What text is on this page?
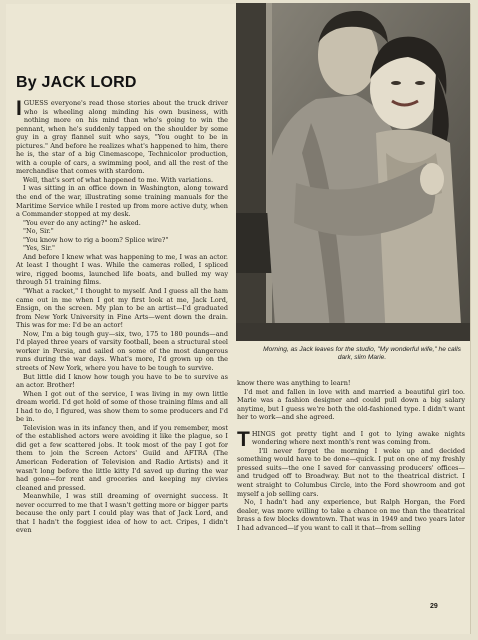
By JACK LORD
Morning, as Jack leaves for the studio, "My wonderful wife," he calls dark, slim Marie.

IGUESS everyone's read those stories about the truck driver who is wheeling along minding his own business, with nothing more on his mind than who's going to win the pennant, when he's suddenly tapped on the shoulder by some guy in a gray flannel suit who says, "You ought to be in pictures." And before he realizes what's happened to him, there he is, the star of a big Cinemascope, Technicolor production, with a couple of cars, a swimming pool, and all the rest of the merchandise that comes with stardom.

Well, that's sort of what happened to me. With variations.

I was sitting in an office down in Washington, along toward the end of the war, illustrating some training manuals for the Maritime Service while I rested up from more active duty, when a Commander stopped at my desk.

"You ever do any acting?" he asked.

"No, Sir."

"You know how to rig a boom? Splice wire?"

"Yes, Sir."

And before I knew what was happening to me, I was an actor. At least I thought I was. While the cameras rolled, I spliced wire, rigged booms, launched life boats, and bulled my way through 51 training films.

"What a racket," I thought to myself. And I guess all the ham came out in me when I got my first look at me, Jack Lord, Ensign, on the screen. My plan to be an artist—I'd graduated from New York University in Fine Arts—went down the drain. This was for me: I'd be an actor!

Now, I'm a big tough guy—six, two, 175 to 180 pounds—and I'd played three years of varsity football, been a structural steel worker in Persia, and sailed on some of the most dangerous runs during the war days. What's more, I'd grown up on the streets of New York, where you have to be tough to survive.

But little did I know how tough you have to be to survive as an actor. Brother!

When I got out of the service, I was living in my own little dream world. I'd get hold of some of those training films and all I had to do, I figured, was show them to some producers and I'd be in.

Television was in its infancy then, and if you remember, most of the established actors were avoiding it like the plague, so I did get a few scattered jobs. It took most of the pay I got for them to join the Screen Actors' Guild and AFTRA (The American Federation of Television and Radio Artists) and it wasn't long before the little kitty I'd saved up during the war had gone—for rent and groceries and keeping my civvies cleaned and pressed.

Meanwhile, I was still dreaming of overnight success. It never occurred to me that I wasn't getting more or bigger parts because the only part I could play was that of Jack Lord, and that I hadn't the foggiest idea of how to act. Cripes, I didn't even

know there was anything to learn!

I'd met and fallen in love with and married a beautiful girl too. Marie was a fashion designer and could pull down a big salary anytime, but I guess we're both the old-fashioned type. I didn't want her to work—and she agreed.

THINGS got pretty tight and I got to lying awake nights wondering where next month's rent was coming from.

I'll never forget the morning I woke up and decided something would have to be done—quick. I put on one of my freshly pressed suits—the one I saved for canvassing producers' offices—and trudged off to Broadway. But not to the theatrical district. I went straight to Columbus Circle, into the Ford showroom and got myself a job selling cars.

No, I hadn't had any experience, but Ralph Horgan, the Ford dealer, was more willing to take a chance on me than the theatrical brass a few blocks downtown. That was in 1949 and two years later I had advanced—if you want to call it that—from selling

29
